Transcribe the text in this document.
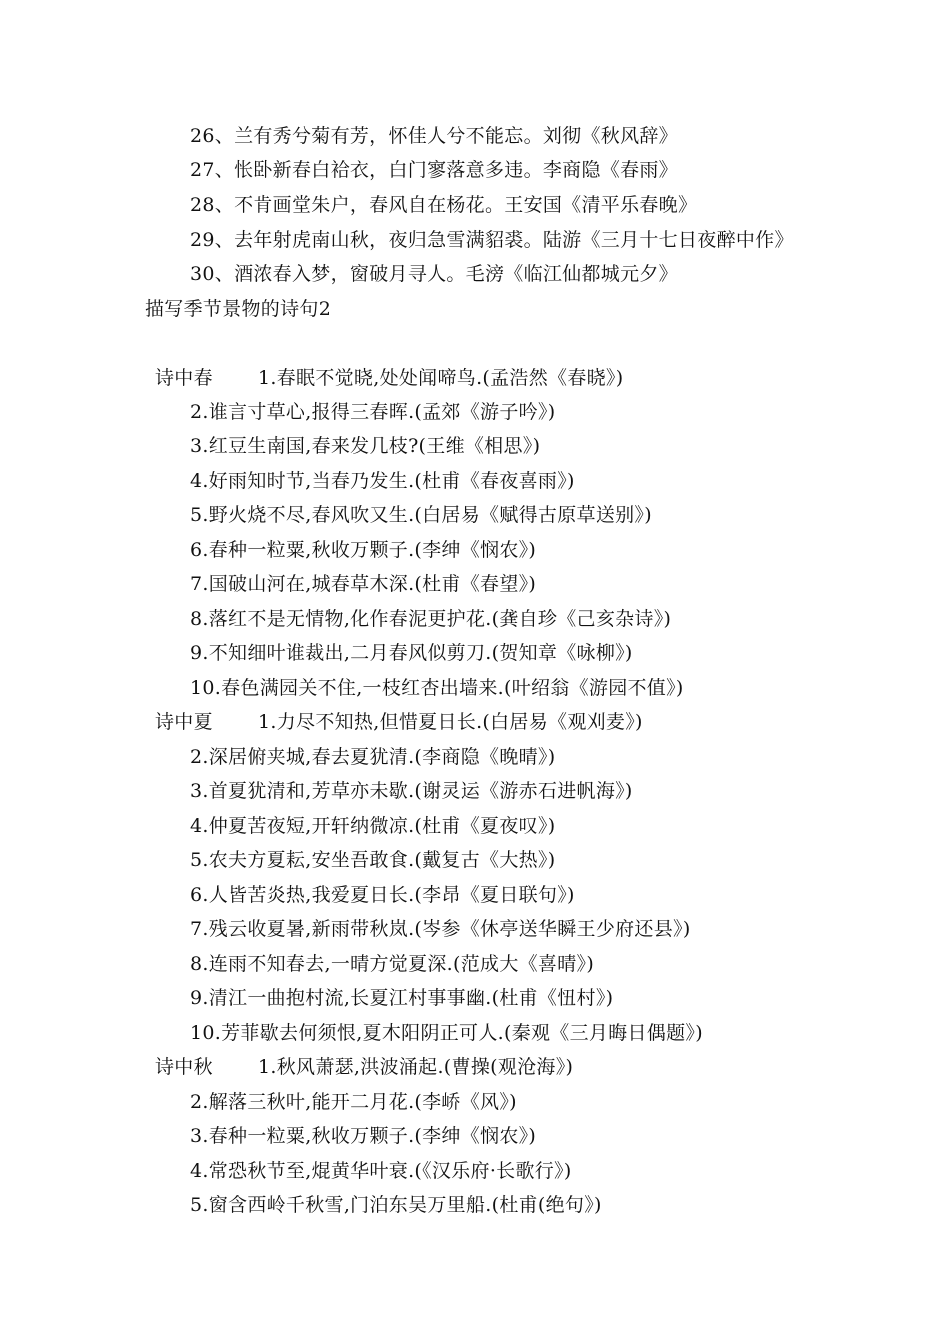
26、兰有秀兮菊有芳，怀佳人兮不能忘。刘彻《秋风辞》
27、怅卧新春白袷衣，白门寥落意多违。李商隐《春雨》
28、不肯画堂朱户，春风自在杨花。王安国《清平乐春晚》
29、去年射虎南山秋，夜归急雪满貂裘。陆游《三月十七日夜醉中作》
30、酒浓春入梦，窗破月寻人。毛滂《临江仙都城元夕》
描写季节景物的诗句2
诗中春 1.春眠不觉晓,处处闻啼鸟.(孟浩然《春晓》)
2.谁言寸草心,报得三春晖.(孟郊《游子吟》)
3.红豆生南国,春来发几枝?(王维《相思》)
4.好雨知时节,当春乃发生.(杜甫《春夜喜雨》)
5.野火烧不尽,春风吹又生.(白居易《赋得古原草送别》)
6.春种一粒粟,秋收万颗子.(李绅《悯农》)
7.国破山河在,城春草木深.(杜甫《春望》)
8.落红不是无情物,化作春泥更护花.(龚自珍《己亥杂诗》)
9.不知细叶谁裁出,二月春风似剪刀.(贺知章《咏柳》)
10.春色满园关不住,一枝红杏出墙来.(叶绍翁《游园不值》)
诗中夏 1.力尽不知热,但惜夏日长.(白居易《观刈麦》)
2.深居俯夹城,春去夏犹清.(李商隐《晚晴》)
3.首夏犹清和,芳草亦未歇.(谢灵运《游赤石进帆海》)
4.仲夏苦夜短,开轩纳微凉.(杜甫《夏夜叹》)
5.农夫方夏耘,安坐吾敢食.(戴复古《大热》)
6.人皆苦炎热,我爱夏日长.(李昂《夏日联句》)
7.残云收夏暑,新雨带秋岚.(岑参《休亭送华瞬王少府还县》)
8.连雨不知春去,一晴方觉夏深.(范成大《喜晴》)
9.清江一曲抱村流,长夏江村事事幽.(杜甫《忸村》)
10.芳菲歇去何须恨,夏木阳阴正可人.(秦观《三月晦日偶题》)
诗中秋 1.秋风萧瑟,洪波涌起.(曹操(观沧海》)
2.解落三秋叶,能开二月花.(李峤《风》)
3.春种一粒粟,秋收万颗子.(李绅《悯农》)
4.常恐秋节至,焜黄华叶衰.(《汉乐府·长歌行》)
5.窗含西岭千秋雪,门泊东吴万里船.(杜甫(绝句》)
